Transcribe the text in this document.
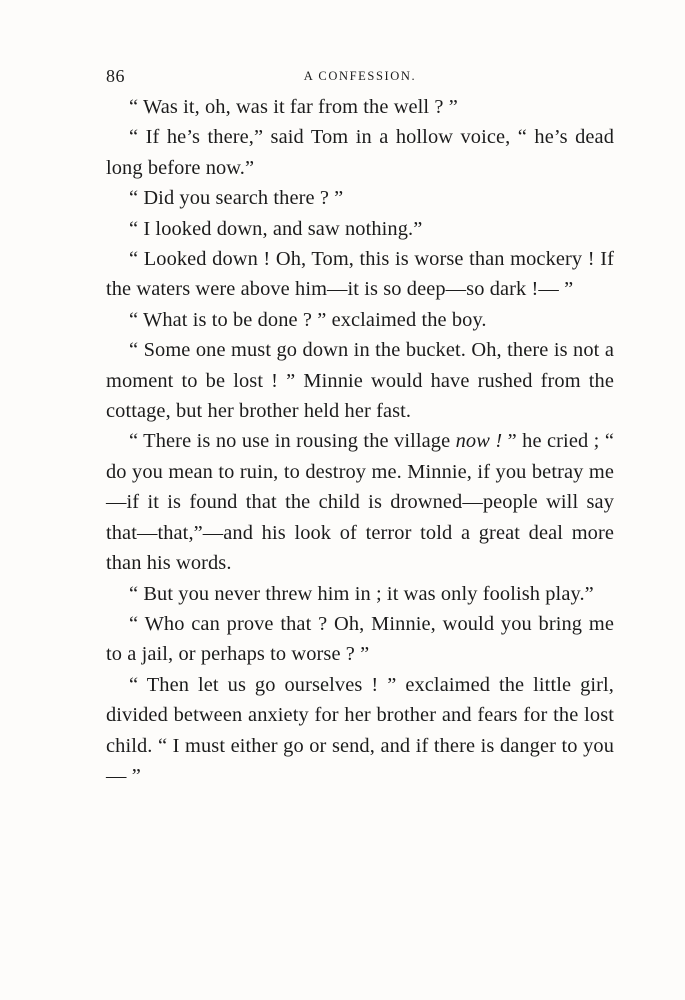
86	A CONFESSION.

“ Was it, oh, was it far from the well ? ”

“ If he’s there,” said Tom in a hollow voice, “ he’s dead long before now.”

“ Did you search there ? ”

“ I looked down, and saw nothing.”

“ Looked down ! Oh, Tom, this is worse than mockery ! If the waters were above him—it is so deep—so dark !— ”

“ What is to be done ? ” exclaimed the boy.

“ Some one must go down in the bucket. Oh, there is not a moment to be lost ! ” Minnie would have rushed from the cottage, but her brother held her fast.

“ There is no use in rousing the village now ! ” he cried ; “ do you mean to ruin, to destroy me. Minnie, if you betray me—if it is found that the child is drowned—people will say that—that,”—and his look of terror told a great deal more than his words.

“ But you never threw him in ; it was only foolish play.”

“ Who can prove that ? Oh, Minnie, would you bring me to a jail, or perhaps to worse ? ”

“ Then let us go ourselves ! ” exclaimed the little girl, divided between anxiety for her brother and fears for the lost child. “ I must either go or send, and if there is danger to you— ”
